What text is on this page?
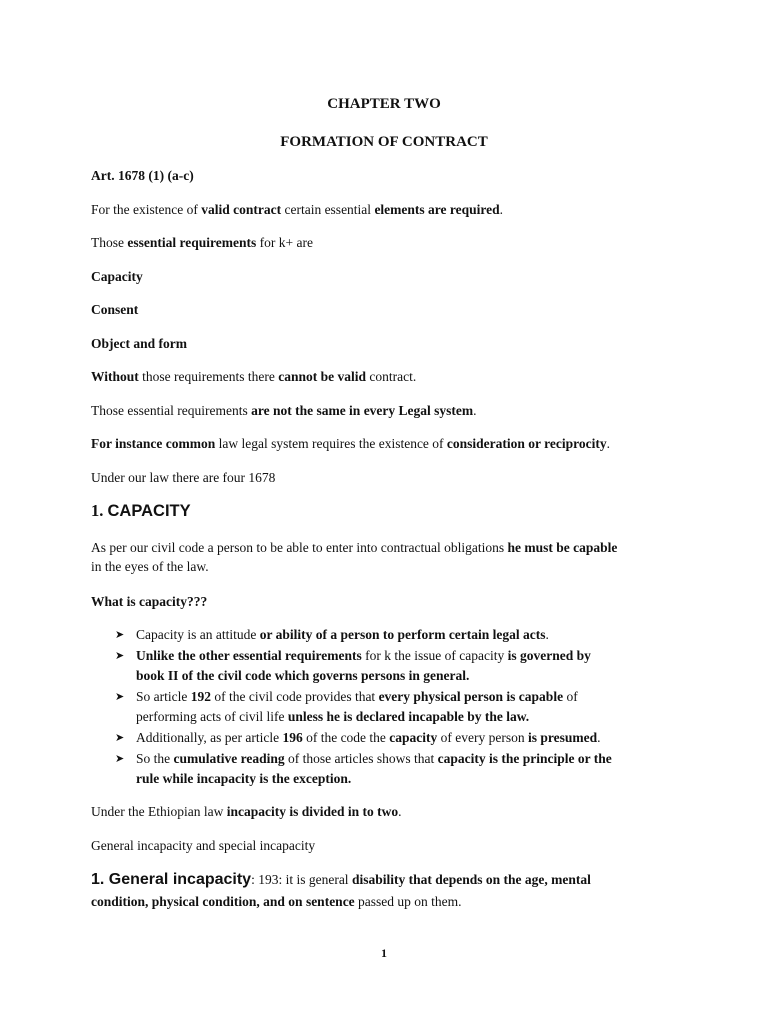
CHAPTER TWO
FORMATION OF CONTRACT
Art. 1678 (1) (a-c)
For the existence of valid contract certain essential elements are required.
Those essential requirements for k+ are
Capacity
Consent
Object and form
Without those requirements there cannot be valid contract.
Those essential requirements are not the same in every Legal system.
For instance common law legal system requires the existence of consideration or reciprocity.
Under our law there are four 1678
1. CAPACITY
As per our civil code a person to be able to enter into contractual obligations he must be capable
in the eyes of the law.
What is capacity???
➤ Capacity is an attitude or ability of a person to perform certain legal acts.
➤ Unlike the other essential requirements for k the issue of capacity is governed by
book II of the civil code which governs persons in general.
➤ So article 192 of the civil code provides that every physical person is capable of
performing acts of civil life unless he is declared incapable by the law.
➤ Additionally, as per article 196 of the code the capacity of every person is presumed.
➤ So the cumulative reading of those articles shows that capacity is the principle or the
rule while incapacity is the exception.
Under the Ethiopian law incapacity is divided in to two.
General incapacity and special incapacity
1. General incapacity: 193: it is general disability that depends on the age, mental
condition, physical condition, and on sentence passed up on them.
1
